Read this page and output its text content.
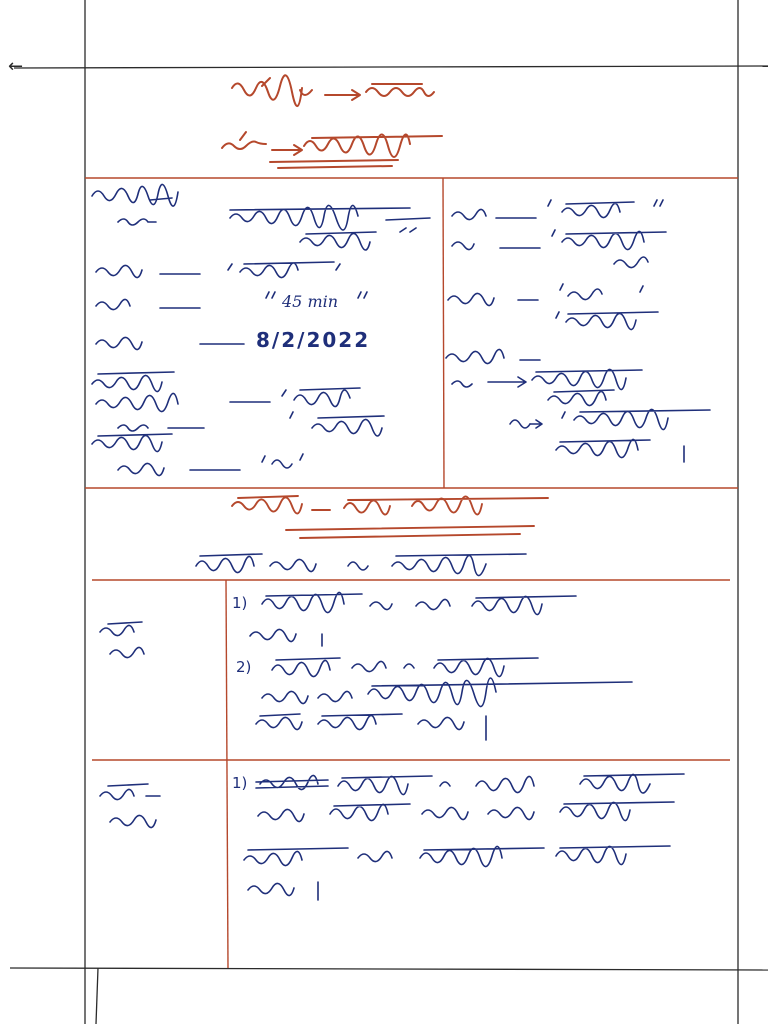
←
8/2/2022
45 min
1)
2)
1)
